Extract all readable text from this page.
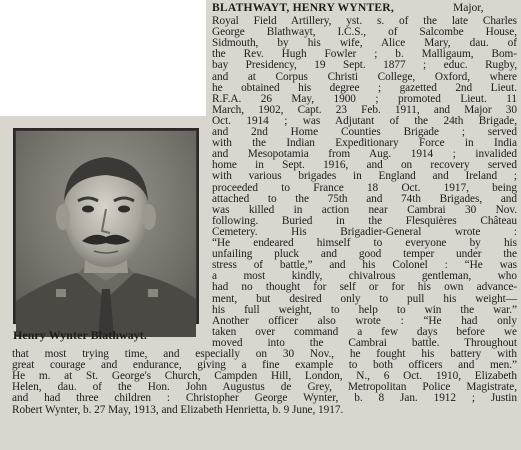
Henry Wynter Blathwayt.
BLATHWAYT, HENRY WYNTER,	Major,
Royal Field Artillery, yst. s. of the late Charles
George Blathwayt, I.C.S., of Salcombe House,
Sidmouth, by his wife, Alice Mary, dau. of
the Rev. Hugh Fowler ; b. Malligaum, Bom-
bay Presidency, 19 Sept. 1877 ; educ. Rugby,
and at Corpus Christi College, Oxford, where
he obtained his degree ; gazetted 2nd Lieut.
R.F.A. 26 May, 1900 ; promoted Lieut. 11
March, 1902, Capt. 23 Feb. 1911, and Major 30
Oct. 1914 ; was Adjutant of the 24th Brigade,
and 2nd Home Counties Brigade ; served
with the Indian Expeditionary Force in India
and Mesopotamia from Aug. 1914 ; invalided
home in Sept. 1916, and on recovery served
with various brigades in England and Ireland ;
proceeded to France 18 Oct. 1917, being
attached to the 75th and 74th Brigades, and
was killed in action near Cambrai 30 Nov.
following. Buried in the Flesquières Château
Cemetery. His Brigadier-General wrote :
“He endeared himself to everyone by his
unfailing pluck and good temper under the
stress of battle,” and his Colonel : “He was
a most kindly, chivalrous gentleman, who
had no thought for self or for his own advance-
ment, but desired only to pull his weight—
his full weight, to help to win the war.”
Another officer also wrote : “He had only
taken over command a few days before we
moved into the Cambrai battle. Throughout
that most trying time, and especially on 30 Nov., he fought his battery with
great courage and endurance, giving a fine example to both officers and men.”
He m. at St. George's Church, Campden Hill, London, N., 6 Oct. 1910, Elizabeth
Helen, dau. of the Hon. John Augustus de Grey, Metropolitan Police Magistrate,
and had three children : Christopher George Wynter, b. 8 Jan. 1912 ; Justin
Robert Wynter, b. 27 May, 1913, and Elizabeth Henrietta, b. 9 June, 1917.
